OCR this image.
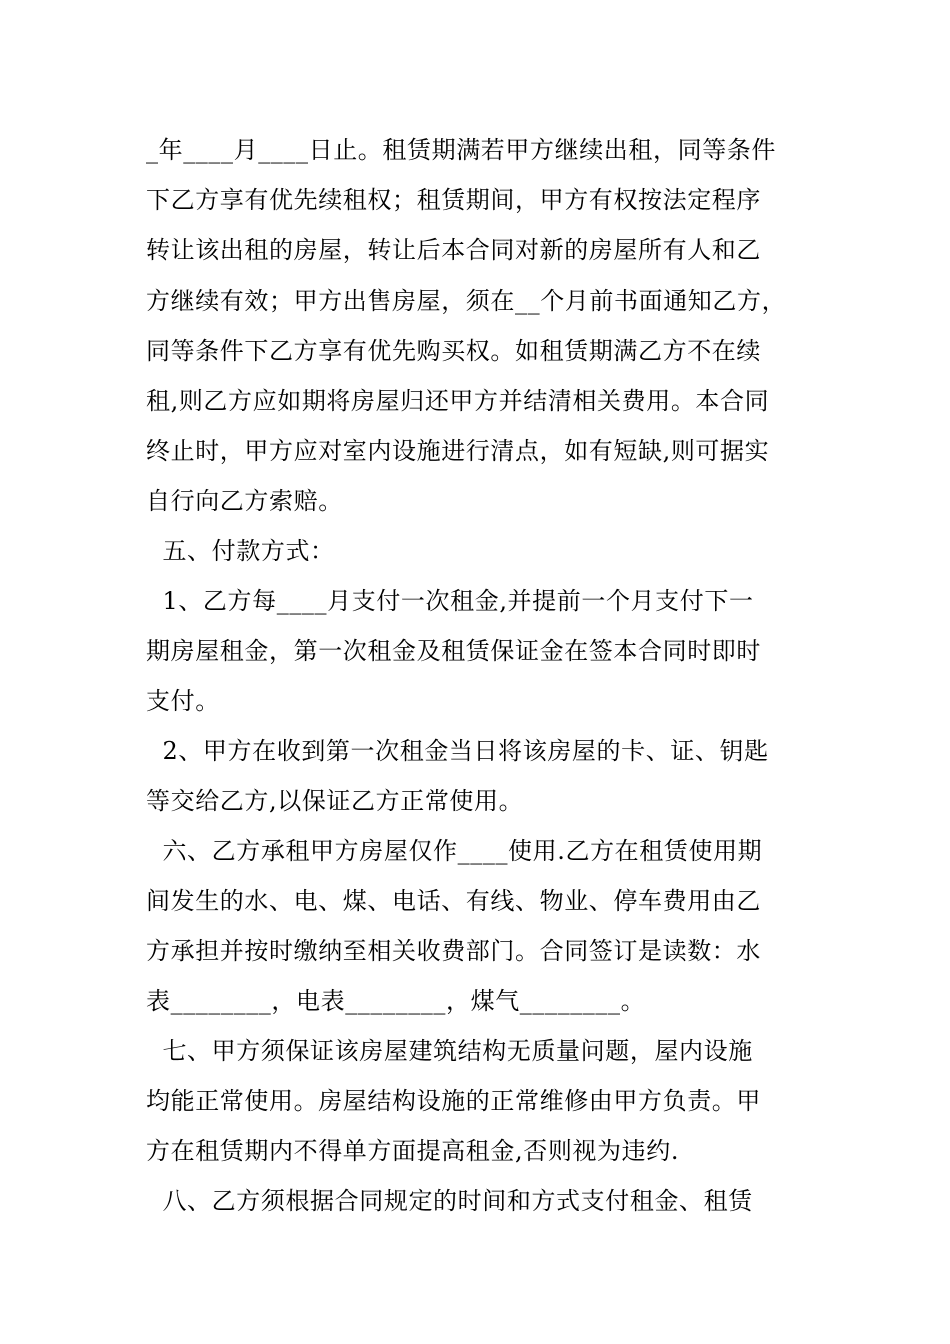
_年____月____日止。租赁期满若甲方继续出租，同等条件
下乙方享有优先续租权；租赁期间，甲方有权按法定程序
转让该出租的房屋，转让后本合同对新的房屋所有人和乙
方继续有效；甲方出售房屋，须在__个月前书面通知乙方，
同等条件下乙方享有优先购买权。如租赁期满乙方不在续
租,则乙方应如期将房屋归还甲方并结清相关费用。本合同
终止时，甲方应对室内设施进行清点，如有短缺,则可据实
自行向乙方索赔。
五、付款方式：
1、乙方每____月支付一次租金,并提前一个月支付下一
期房屋租金，第一次租金及租赁保证金在签本合同时即时
支付。
2、甲方在收到第一次租金当日将该房屋的卡、证、钥匙
等交给乙方,以保证乙方正常使用。
六、乙方承租甲方房屋仅作____使用.乙方在租赁使用期
间发生的水、电、煤、电话、有线、物业、停车费用由乙
方承担并按时缴纳至相关收费部门。合同签订是读数：水
表________，电表________，煤气________。
七、甲方须保证该房屋建筑结构无质量问题，屋内设施
均能正常使用。房屋结构设施的正常维修由甲方负责。甲
方在租赁期内不得单方面提高租金,否则视为违约.
八、乙方须根据合同规定的时间和方式支付租金、租赁
